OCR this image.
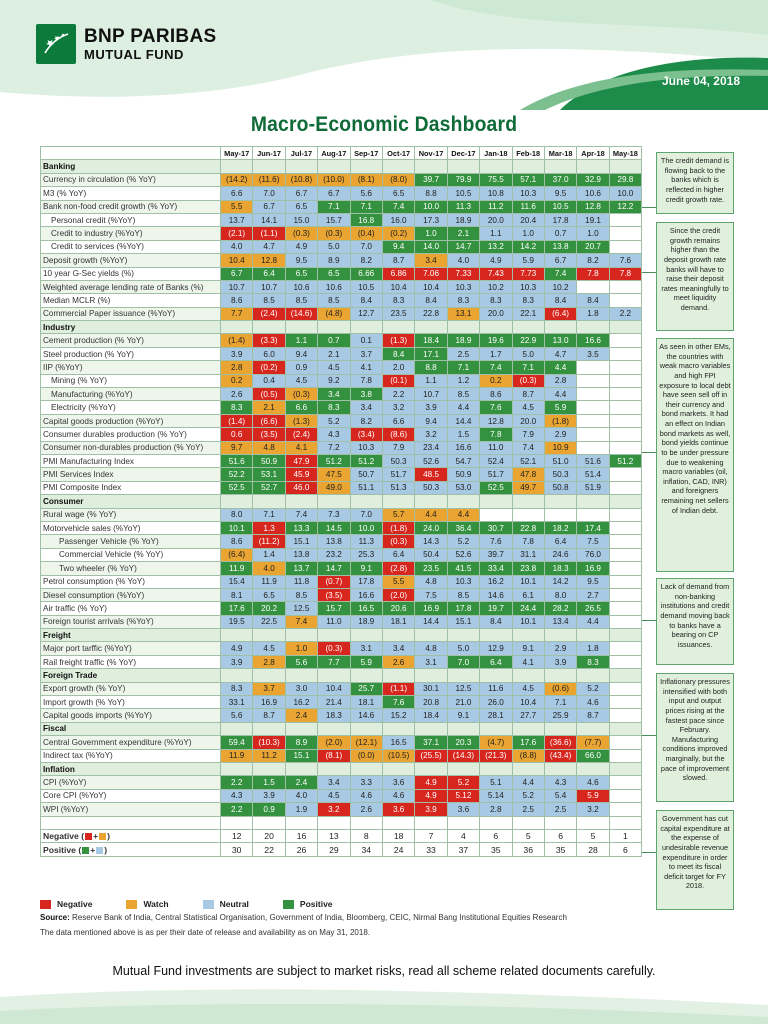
BNP PARIBAS
MUTUAL FUND
June 04, 2018
Macro-Economic Dashboard
	May-17	Jun-17	Jul-17	Aug-17	Sep-17	Oct-17	Nov-17	Dec-17	Jan-18	Feb-18	Mar-18	Apr-18	May-18
Banking													
Currency in circulation (% YoY)	(14.2)	(11.6)	(10.8)	(10.0)	(8.1)	(8.0)	39.7	79.9	75.5	57.1	37.0	32.9	29.8
M3 (% YoY)	6.6	7.0	6.7	6.7	5.6	6.5	8.8	10.5	10.8	10.3	9.5	10.6	10.0
Bank non-food credit growth (% YoY)	5.5	6.7	6.5	7.1	7.1	7.4	10.0	11.3	11.2	11.6	10.5	12.8	12.2
Personal credit (%YoY)	13.7	14.1	15.0	15.7	16.8	16.0	17.3	18.9	20.0	20.4	17.8	19.1	
Credit to industry (%YoY)	(2.1)	(1.1)	(0.3)	(0.3)	(0.4)	(0.2)	1.0	2.1	1.1	1.0	0.7	1.0	
Credit to services (%YoY)	4.0	4.7	4.9	5.0	7.0	9.4	14.0	14.7	13.2	14.2	13.8	20.7	
Deposit growth (%YoY)	10.4	12.8	9.5	8.9	8.2	8.7	3.4	4.0	4.9	5.9	6.7	8.2	7.6
10 year G-Sec yields (%)	6.7	6.4	6.5	6.5	6.66	6.86	7.06	7.33	7.43	7.73	7.4	7.8	7.8
Weighted average lending rate of Banks (%)	10.7	10.7	10.6	10.6	10.5	10.4	10.4	10.3	10.2	10.3	10.2		
Median MCLR (%)	8.6	8.5	8.5	8.5	8.4	8.3	8.4	8.3	8.3	8.3	8.4	8.4	
Commercial Paper issuance (%YoY)	7.7	(2.4)	(14.6)	(4.8)	12.7	23.5	22.8	13.1	20.0	22.1	(6.4)	1.8	2.2
Industry													
Cement production (% YoY)	(1.4)	(3.3)	1.1	0.7	0.1	(1.3)	18.4	18.9	19.6	22.9	13.0	16.6	
Steel production (% YoY)	3.9	6.0	9.4	2.1	3.7	8.4	17.1	2.5	1.7	5.0	4.7	3.5	
IIP (%YoY)	2.8	(0.2)	0.9	4.5	4.1	2.0	8.8	7.1	7.4	7.1	4.4		
Mining (% YoY)	0.2	0.4	4.5	9.2	7.8	(0.1)	1.1	1.2	0.2	(0.3)	2.8		
Manufacturing (%YoY)	2.6	(0.5)	(0.3)	3.4	3.8	2.2	10.7	8.5	8.6	8.7	4.4		
Electricity (%YoY)	8.3	2.1	6.6	8.3	3.4	3.2	3.9	4.4	7.6	4.5	5.9		
Capital goods production (%YoY)	(1.4)	(6.6)	(1.3)	5.2	8.2	6.6	9.4	14.4	12.8	20.0	(1.8)		
Consumer durables production (% YoY)	0.6	(3.5)	(2.4)	4.3	(3.4)	(8.6)	3.2	1.5	7.8	7.9	2.9		
Consumer non-durables production (% YoY)	9.7	4.8	4.1	7.2	10.3	7.9	23.4	16.6	11.0	7.4	10.9		
PMI Manufacturing Index	51.6	50.9	47.9	51.2	51.2	50.3	52.6	54.7	52.4	52.1	51.0	51.6	51.2
PMI Services Index	52.2	53.1	45.9	47.5	50.7	51.7	48.5	50.9	51.7	47.8	50.3	51.4	
PMI Composite Index	52.5	52.7	46.0	49.0	51.1	51.3	50.3	53.0	52.5	49.7	50.8	51.9	
Consumer													
Rural wage (% YoY)	8.0	7.1	7.4	7.3	7.0	5.7	4.4	4.4					
Motorvehicle sales (%YoY)	10.1	1.3	13.3	14.5	10.0	(1.8)	24.0	36.4	30.7	22.8	18.2	17.4	
Passenger Vehicle (% YoY)	8.6	(11.2)	15.1	13.8	11.3	(0.3)	14.3	5.2	7.6	7.8	6.4	7.5	
Commercial Vehicle (% YoY)	(6.4)	1.4	13.8	23.2	25.3	6.4	50.4	52.6	39.7	31.1	24.6	76.0	
Two wheeler (% YoY)	11.9	4.0	13.7	14.7	9.1	(2.8)	23.5	41.5	33.4	23.8	18.3	16.9	
Petrol consumption (% YoY)	15.4	11.9	11.8	(0.7)	17.8	5.5	4.8	10.3	16.2	10.1	14.2	9.5	
Diesel consumption (%YoY)	8.1	6.5	8.5	(3.5)	16.6	(2.0)	7.5	8.5	14.6	6.1	8.0	2.7	
Air traffic (% YoY)	17.6	20.2	12.5	15.7	16.5	20.6	16.9	17.8	19.7	24.4	28.2	26.5	
Foreign tourist arrivals (%YoY)	19.5	22.5	7.4	11.0	18.9	18.1	14.4	15.1	8.4	10.1	13.4	4.4	
Freight													
Major port tarffic (%YoY)	4.9	4.5	1.0	(0.3)	3.1	3.4	4.8	5.0	12.9	9.1	2.9	1.8	
Rail freight traffic (% YoY)	3.9	2.8	5.6	7.7	5.9	2.6	3.1	7.0	6.4	4.1	3.9	8.3	
Foreign Trade													
Export growth (% YoY)	8.3	3.7	3.0	10.4	25.7	(1.1)	30.1	12.5	11.6	4.5	(0.6)	5.2	
Import growth (% YoY)	33.1	16.9	16.2	21.4	18.1	7.6	20.8	21.0	26.0	10.4	7.1	4.6	
Capital goods imports (%YoY)	5.6	8.7	2.4	18.3	14.6	15.2	18.4	9.1	28.1	27.7	25.9	8.7	
Fiscal													
Central Government expenditure (%YoY)	59.4	(10.3)	8.9	(2.0)	(12.1)	16.5	37.1	20.3	(4.7)	17.6	(36.6)	(7.7)	
Indirect tax (%YoY)	11.9	11.2	15.1	(8.1)	(0.0)	(10.5)	(25.5)	(14.3)	(21.3)	(8.8)	(43.4)	66.0	
Inflation													
CPI (%YoY)	2.2	1.5	2.4	3.4	3.3	3.6	4.9	5.2	5.1	4.4	4.3	4.6	
Core CPI (%YoY)	4.3	3.9	4.0	4.5	4.6	4.6	4.9	5.12	5.14	5.2	5.4	5.9	
WPI (%YoY)	2.2	0.9	1.9	3.2	2.6	3.6	3.9	3.6	2.8	2.5	2.5	3.2	

Negative ( + )	12	20	16	13	8	18	7	4	6	5	6	5	1
Positive ( + )	30	22	26	29	34	24	33	37	35	36	35	28	6
Negative	Watch	Neutral	Positive
Source: Reserve Bank of India, Central Statistical Organisation, Government of India, Bloomberg, CEIC, Nirmal Bang Institutional Equities Research
The data mentioned above is as per their date of release and availability as on May 31, 2018.
Mutual Fund investments are subject to market risks, read all scheme related documents carefully.
The credit demand is flowing back to the banks which is reflected in higher credit growth rate.
Since the credit growth remains higher than the deposit growth rate banks will have to raise their deposit rates meaningfully to meet liquidity demand.
As seen in other EMs, the countries with weak macro variables and high FPI exposure to local debt have seen sell off in their currency and bond markets. It had an effect on Indian bond markets as well, bond yields continue to be under pressure due to weakening macro variables (oil, inflation, CAD, INR) and foreigners remaining net sellers of Indian debt.
Lack of demand from non-banking institutions and credit demand moving back to banks have a bearing on CP issuances.
Inflationary pressures intensified with both input and output prices rising at the fastest pace since February. Manufacturing conditions improved marginally, but the pace of improvement slowed.
Government has cut capital expenditure at the expense of undesirable revenue expenditure in order to meet its fiscal deficit target for FY 2018.
